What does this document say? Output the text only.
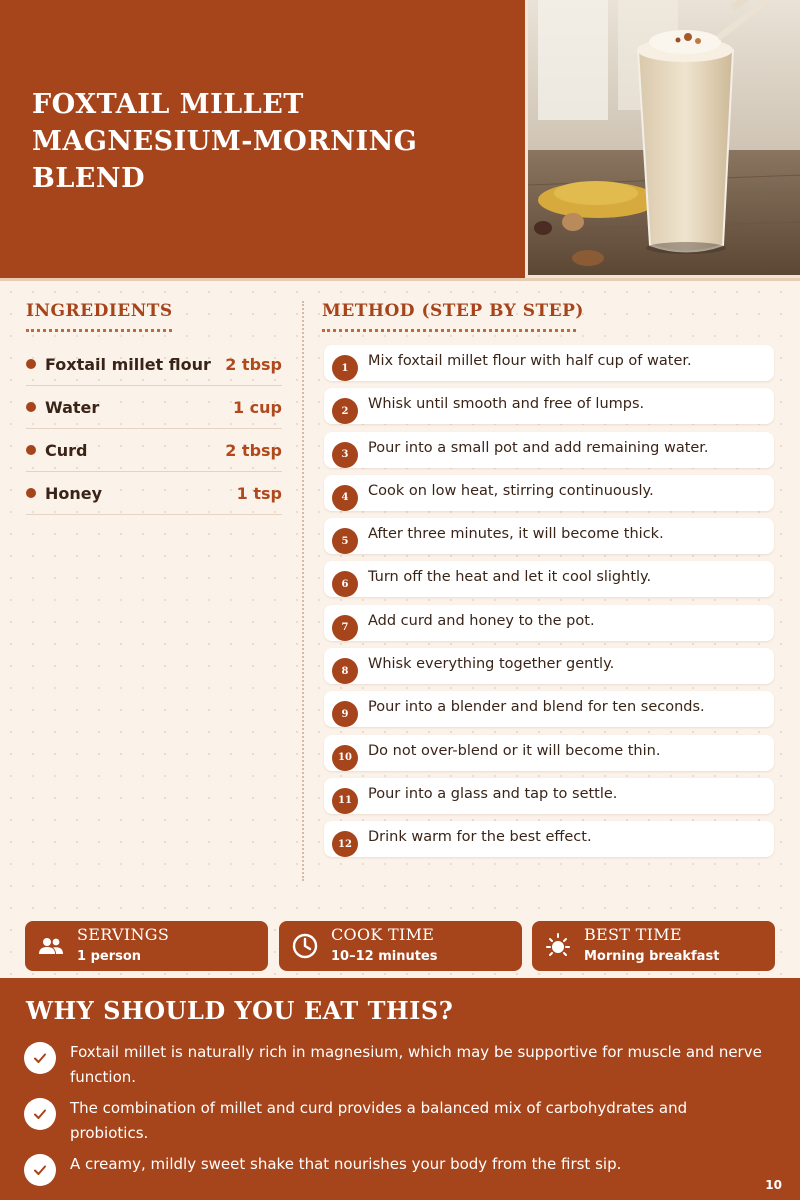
FOXTAIL MILLET
MAGNESIUM-MORNING
BLEND
INGREDIENTS
Foxtail millet flour 2 tbsp
Water	1 cup
Curd	2 tbsp
Honey	1 tsp
METHOD (STEP BY STEP)
1	Mix foxtail millet flour with half cup of water.
2	Whisk until smooth and free of lumps.
3	Pour into a small pot and add remaining water.
4	Cook on low heat, stirring continuously.
5	After three minutes, it will become thick.
6	Turn off the heat and let it cool slightly.
7	Add curd and honey to the pot.
8	Whisk everything together gently.
9	Pour into a blender and blend for ten seconds.
10	Do not over-blend or it will become thin.
11	Pour into a glass and tap to settle.
12	Drink warm for the best effect.
SERVINGS
1 person
COOK TIME
10–12 minutes
BEST TIME
Morning breakfast
WHY SHOULD YOU EAT THIS?
Foxtail millet is naturally rich in magnesium, which may be supportive for muscle and nerve function.
The combination of millet and curd provides a balanced mix of carbohydrates and probiotics.
A creamy, mildly sweet shake that nourishes your body from the first sip.
10
